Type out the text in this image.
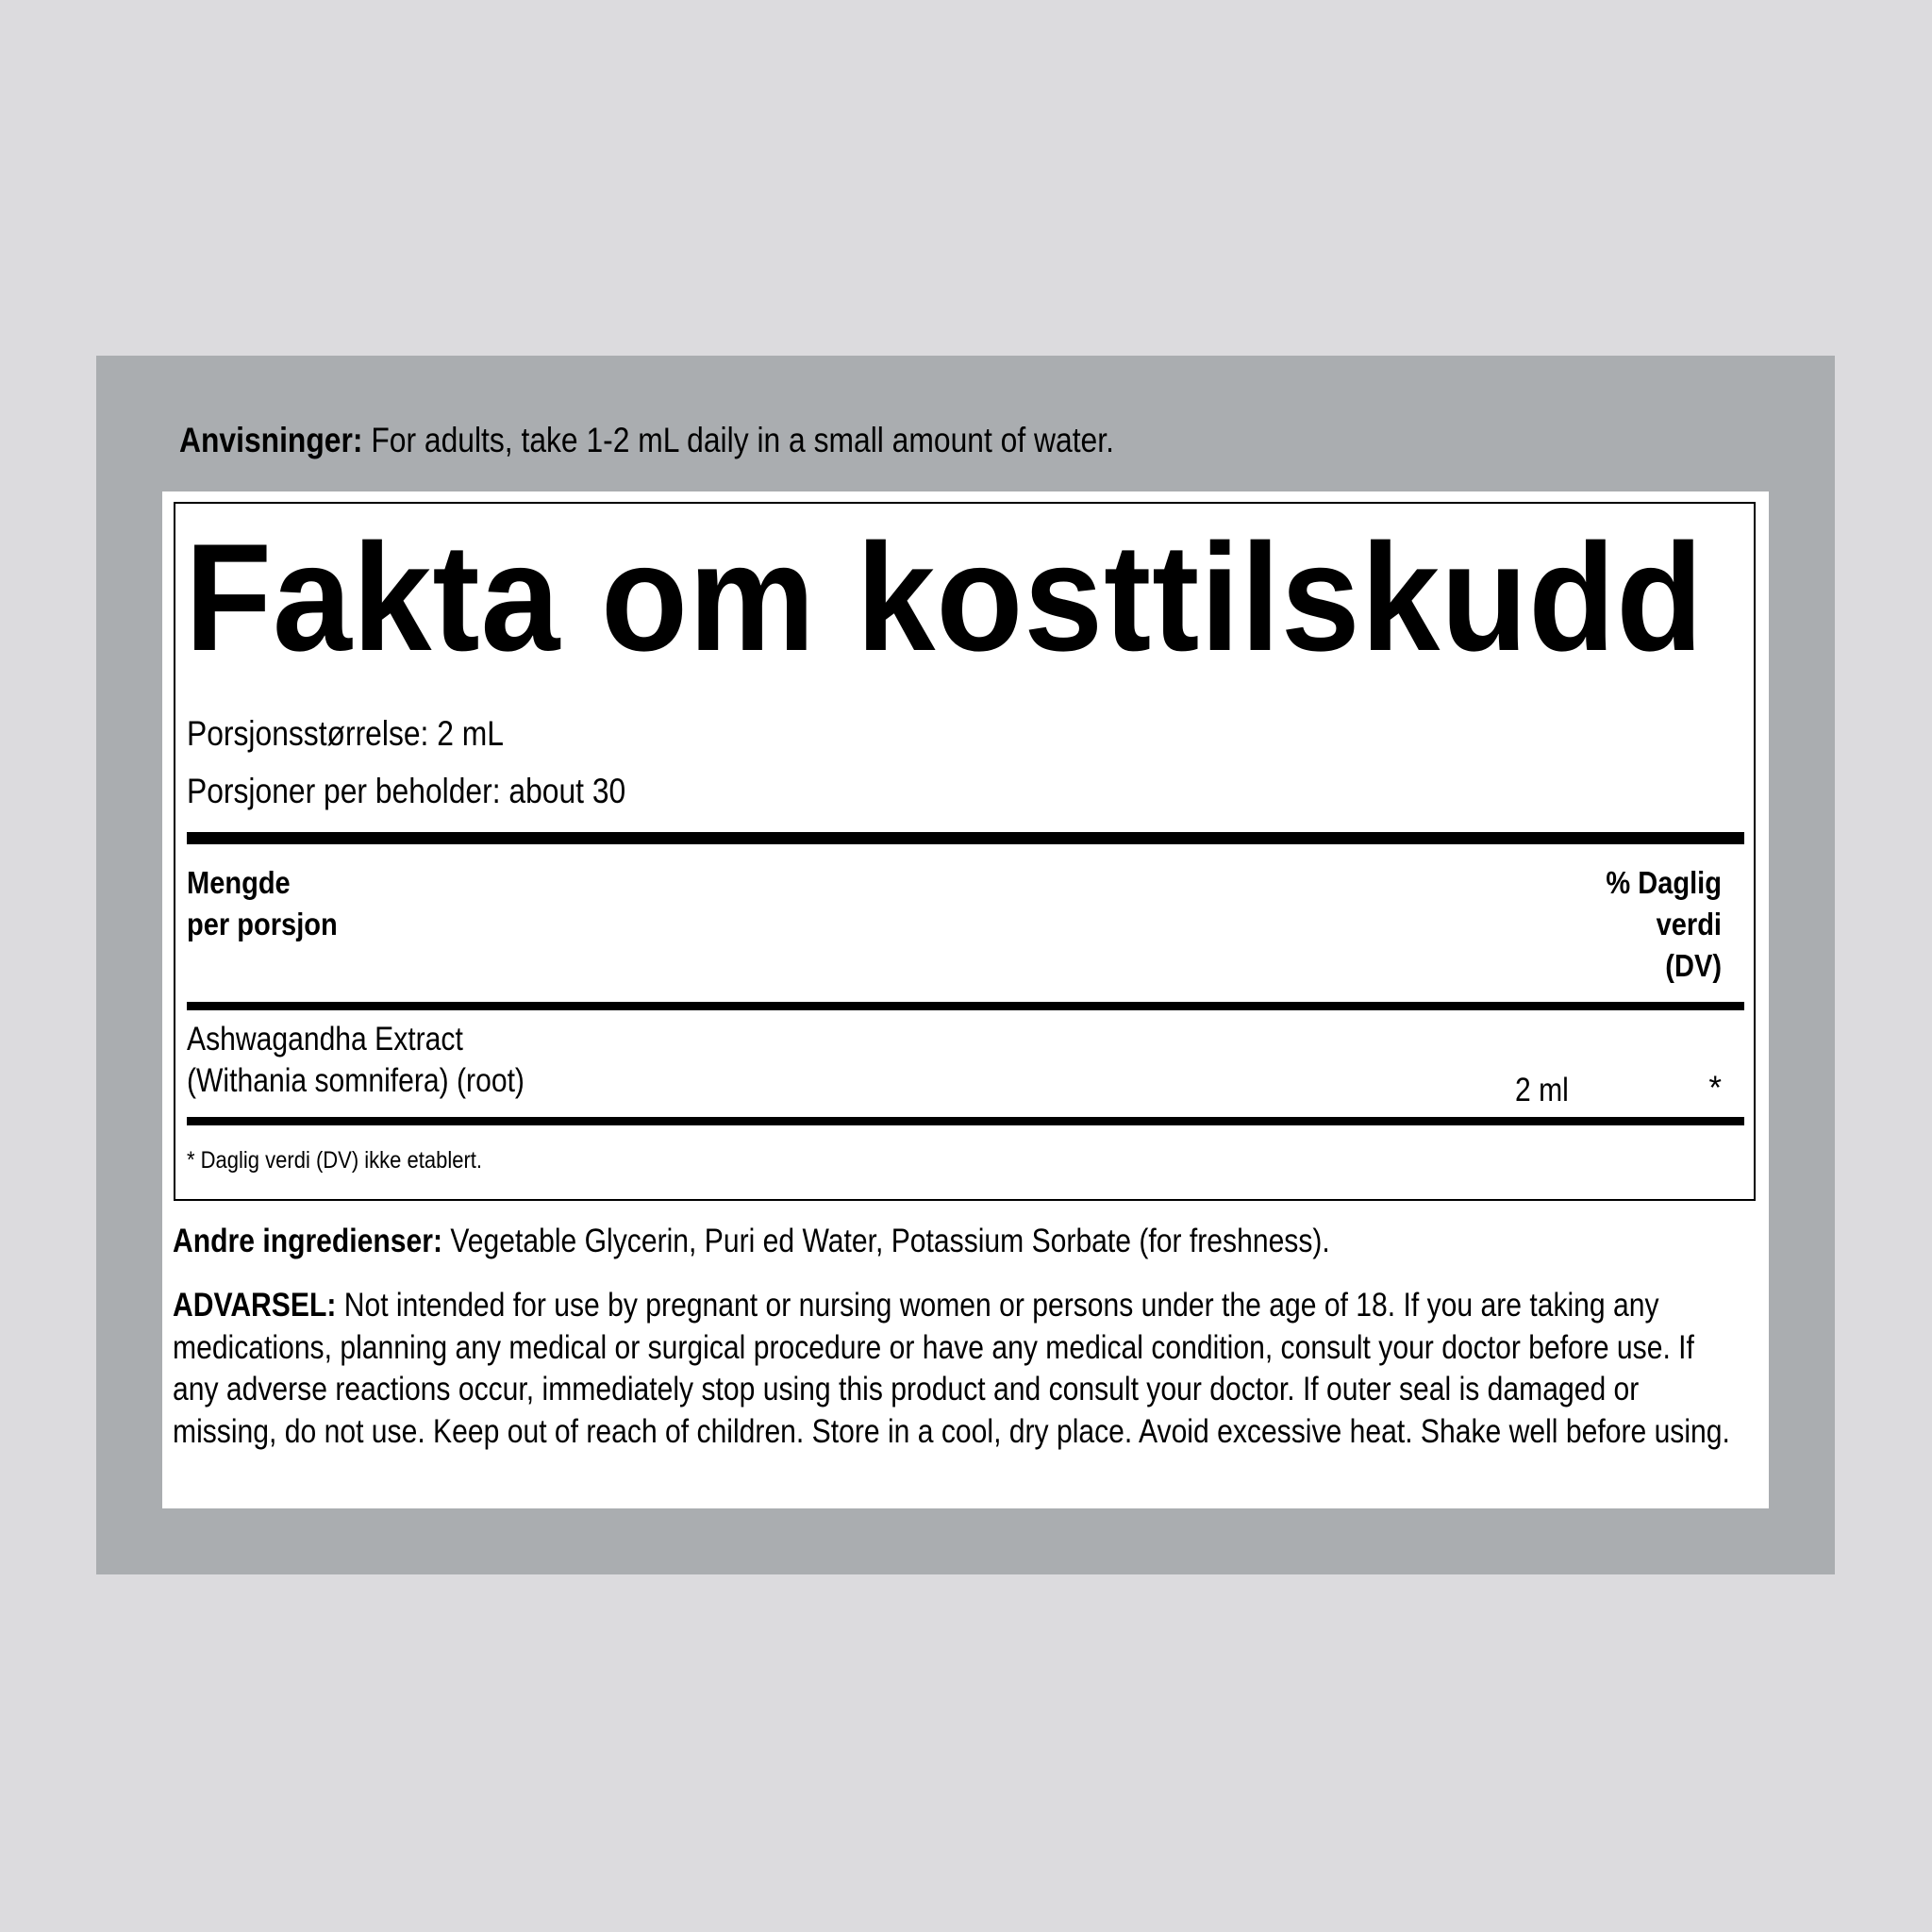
Anvisninger: For adults, take 1-2 mL daily in a small amount of water.
Fakta om kosttilskudd
Porsjonsstørrelse: 2 mL
Porsjoner per beholder: about 30
Mengde
per porsjon
% Daglig
verdi
(DV)
Ashwagandha Extract
(Withania somnifera) (root)	2 ml	*
* Daglig verdi (DV) ikke etablert.
Andre ingredienser: Vegetable Glycerin, Puri ed Water, Potassium Sorbate (for freshness).
ADVARSEL: Not intended for use by pregnant or nursing women or persons under the age of 18. If you are taking any medications, planning any medical or surgical procedure or have any medical condition, consult your doctor before use. If any adverse reactions occur, immediately stop using this product and consult your doctor. If outer seal is damaged or missing, do not use. Keep out of reach of children. Store in a cool, dry place. Avoid excessive heat. Shake well before using.
